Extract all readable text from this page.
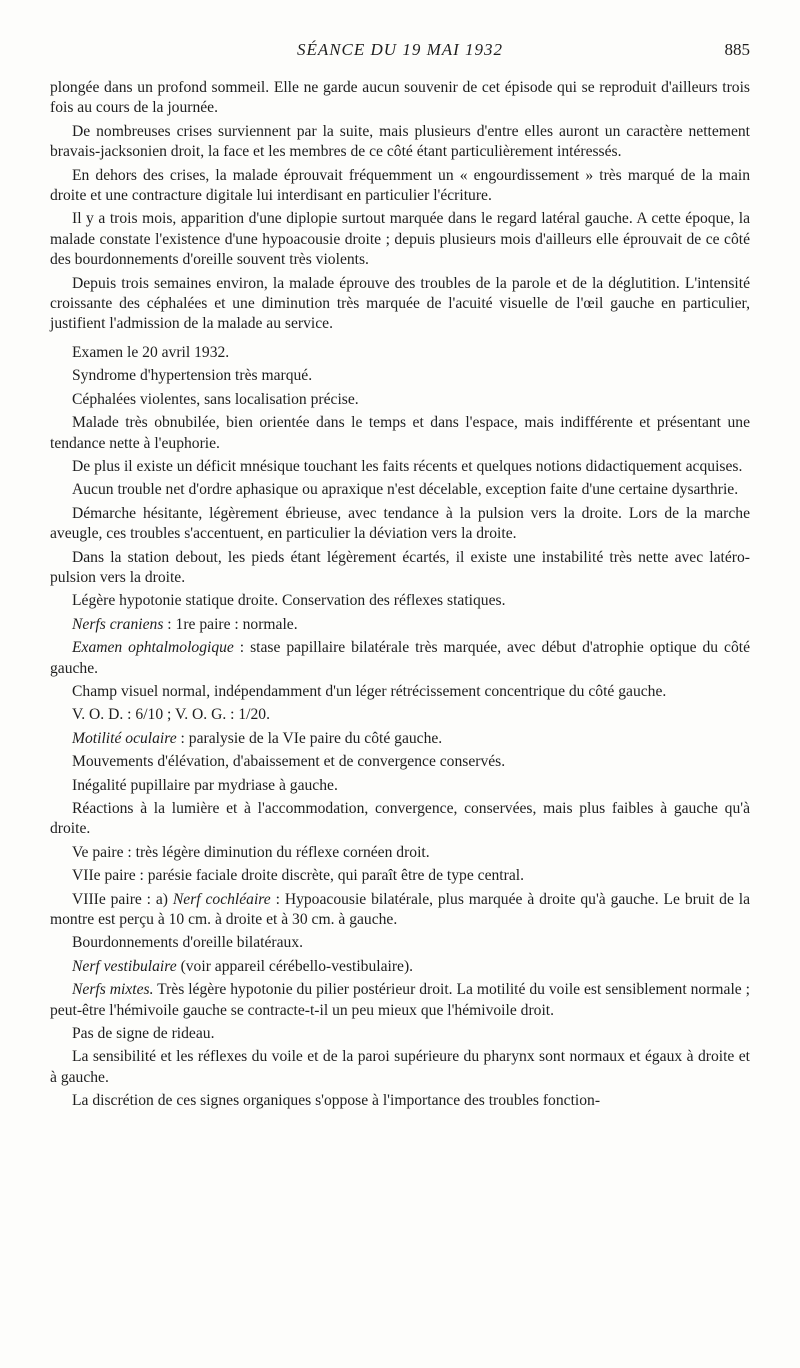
SÉANCE DU 19 MAI 1932	885

plongée dans un profond sommeil. Elle ne garde aucun souvenir de cet épisode qui se reproduit d'ailleurs trois fois au cours de la journée.

De nombreuses crises surviennent par la suite, mais plusieurs d'entre elles auront un caractère nettement bravais-jacksonien droit, la face et les membres de ce côté étant particulièrement intéressés.

En dehors des crises, la malade éprouvait fréquemment un « engourdissement » très marqué de la main droite et une contracture digitale lui interdisant en particulier l'écriture.

Il y a trois mois, apparition d'une diplopie surtout marquée dans le regard latéral gauche. A cette époque, la malade constate l'existence d'une hypoacousie droite ; depuis plusieurs mois d'ailleurs elle éprouvait de ce côté des bourdonnements d'oreille souvent très violents.

Depuis trois semaines environ, la malade éprouve des troubles de la parole et de la déglutition. L'intensité croissante des céphalées et une diminution très marquée de l'acuité visuelle de l'œil gauche en particulier, justifient l'admission de la malade au service.

Examen le 20 avril 1932.

Syndrome d'hypertension très marqué.

Céphalées violentes, sans localisation précise.

Malade très obnubilée, bien orientée dans le temps et dans l'espace, mais indifférente et présentant une tendance nette à l'euphorie.

De plus il existe un déficit mnésique touchant les faits récents et quelques notions didactiquement acquises.

Aucun trouble net d'ordre aphasique ou apraxique n'est décelable, exception faite d'une certaine dysarthrie.

Démarche hésitante, légèrement ébrieuse, avec tendance à la pulsion vers la droite. Lors de la marche aveugle, ces troubles s'accentuent, en particulier la déviation vers la droite.

Dans la station debout, les pieds étant légèrement écartés, il existe une instabilité très nette avec latéro-pulsion vers la droite.

Légère hypotonie statique droite. Conservation des réflexes statiques.

Nerfs craniens : 1re paire : normale.

Examen ophtalmologique : stase papillaire bilatérale très marquée, avec début d'atrophie optique du côté gauche.

Champ visuel normal, indépendamment d'un léger rétrécissement concentrique du côté gauche.

V. O. D. : 6/10 ; V. O. G. : 1/20.

Motilité oculaire : paralysie de la VIe paire du côté gauche.

Mouvements d'élévation, d'abaissement et de convergence conservés.

Inégalité pupillaire par mydriase à gauche.

Réactions à la lumière et à l'accommodation, convergence, conservées, mais plus faibles à gauche qu'à droite.

Ve paire : très légère diminution du réflexe cornéen droit.

VIIe paire : parésie faciale droite discrète, qui paraît être de type central.

VIIIe paire : a) Nerf cochléaire : Hypoacousie bilatérale, plus marquée à droite qu'à gauche. Le bruit de la montre est perçu à 10 cm. à droite et à 30 cm. à gauche.

Bourdonnements d'oreille bilatéraux.

Nerf vestibulaire (voir appareil cérébello-vestibulaire).

Nerfs mixtes. Très légère hypotonie du pilier postérieur droit. La motilité du voile est sensiblement normale ; peut-être l'hémivoile gauche se contracte-t-il un peu mieux que l'hémivoile droit.

Pas de signe de rideau.

La sensibilité et les réflexes du voile et de la paroi supérieure du pharynx sont normaux et égaux à droite et à gauche.

La discrétion de ces signes organiques s'oppose à l'importance des troubles fonction-
